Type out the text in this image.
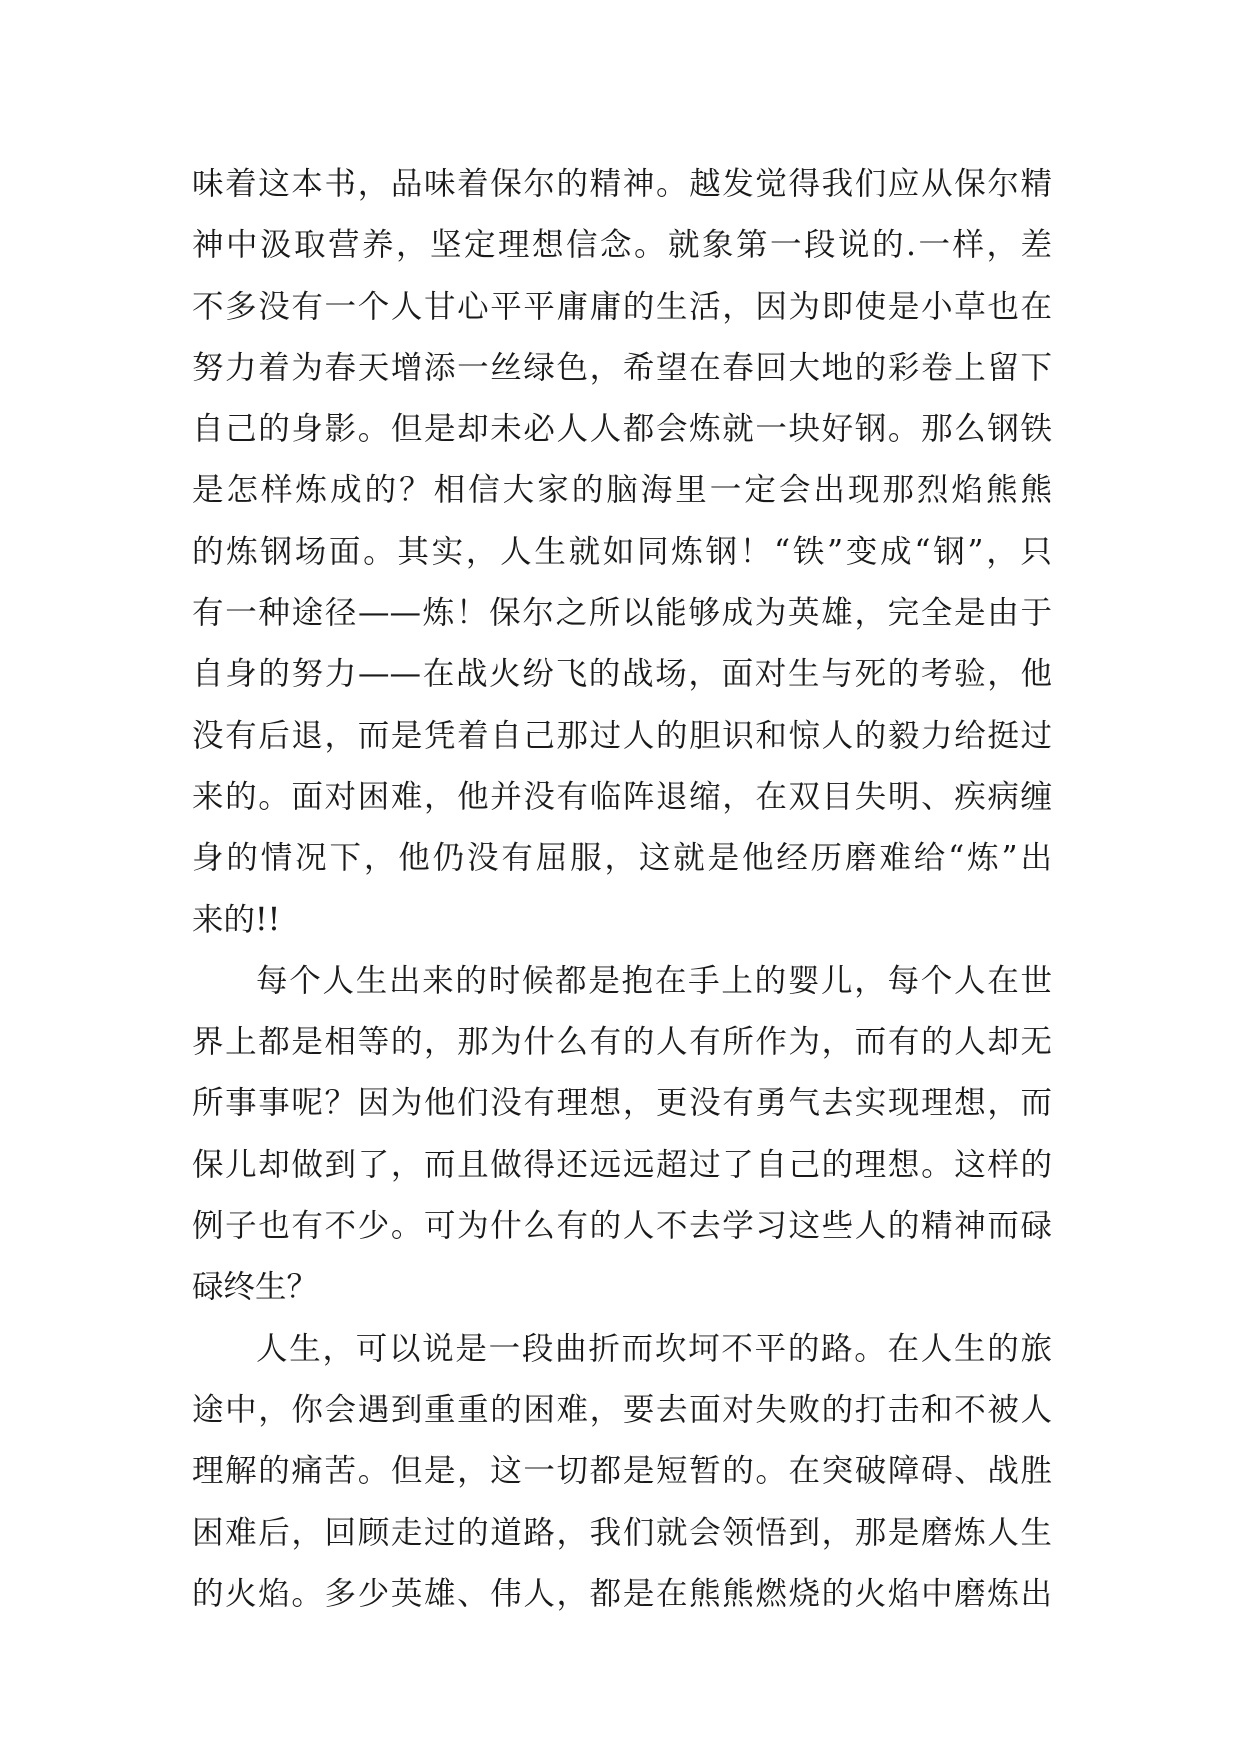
味着这本书，品味着保尔的精神。越发觉得我们应从保尔精
神中汲取营养，坚定理想信念。就象第一段说的.一样，差
不多没有一个人甘心平平庸庸的生活，因为即使是小草也在
努力着为春天增添一丝绿色，希望在春回大地的彩卷上留下
自己的身影。但是却未必人人都会炼就一块好钢。那么钢铁
是怎样炼成的？相信大家的脑海里一定会出现那烈焰熊熊
的炼钢场面。其实，人生就如同炼钢！“铁”变成“钢”，只
有一种途径——炼！保尔之所以能够成为英雄，完全是由于
自身的努力——在战火纷飞的战场，面对生与死的考验，他
没有后退，而是凭着自己那过人的胆识和惊人的毅力给挺过
来的。面对困难，他并没有临阵退缩，在双目失明、疾病缠
身的情况下，他仍没有屈服，这就是他经历磨难给“炼”出
来的!!
每个人生出来的时候都是抱在手上的婴儿，每个人在世
界上都是相等的，那为什么有的人有所作为，而有的人却无
所事事呢？因为他们没有理想，更没有勇气去实现理想，而
保儿却做到了，而且做得还远远超过了自己的理想。这样的
例子也有不少。可为什么有的人不去学习这些人的精神而碌
碌终生？
人生，可以说是一段曲折而坎坷不平的路。在人生的旅
途中，你会遇到重重的困难，要去面对失败的打击和不被人
理解的痛苦。但是，这一切都是短暂的。在突破障碍、战胜
困难后，回顾走过的道路，我们就会领悟到，那是磨炼人生
的火焰。多少英雄、伟人，都是在熊熊燃烧的火焰中磨炼出
